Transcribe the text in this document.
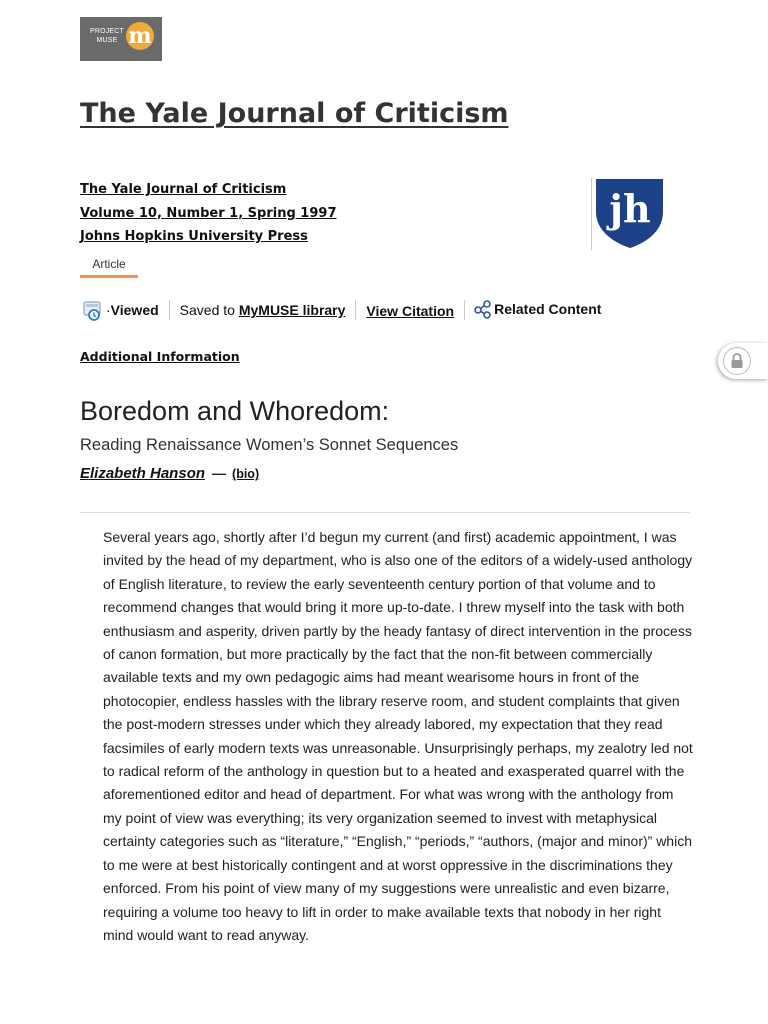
PROJECT
MUSE m
The Yale Journal of Criticism
The Yale Journal of Criticism
Volume 10, Number 1, Spring 1997
Johns Hopkins University Press
jh
Article
· Viewed Saved to
MyMUSE library View Citation	Related Content
Additional Information
Boredom and Whoredom:
Reading Renaissance Women’s Sonnet Sequences
Elizabeth Hanson — (bio)

Several years ago, shortly after I’d begun my current (and first) academic appointment, I was invited by the head of my department, who is also one of the editors of a widely-used anthology of English literature, to review the early seventeenth century portion of that volume and to recommend changes that would bring it more up-to-date. I threw myself into the task with both enthusiasm and asperity, driven partly by the heady fantasy of direct intervention in the process of canon formation, but more practically by the fact that the non-fit between commercially available texts and my own pedagogic aims had meant wearisome hours in front of the photocopier, endless hassles with the library reserve room, and student complaints that given the post-modern stresses under which they already labored, my expectation that they read facsimiles of early modern texts was unreasonable. Unsurprisingly perhaps, my zealotry led not to radical reform of the anthology in question but to a heated and exasperated quarrel with the aforementioned editor and head of department. For what was wrong with the anthology from my point of view was everything; its very organization seemed to invest with metaphysical certainty categories such as “literature,” “English,” “periods,” “authors, (major and minor)” which to me were at best historically contingent and at worst oppressive in the discriminations they enforced. From his point of view many of my suggestions were unrealistic and even bizarre, requiring a volume too heavy to lift in order to make available texts that nobody in her right mind would want to read anyway.
